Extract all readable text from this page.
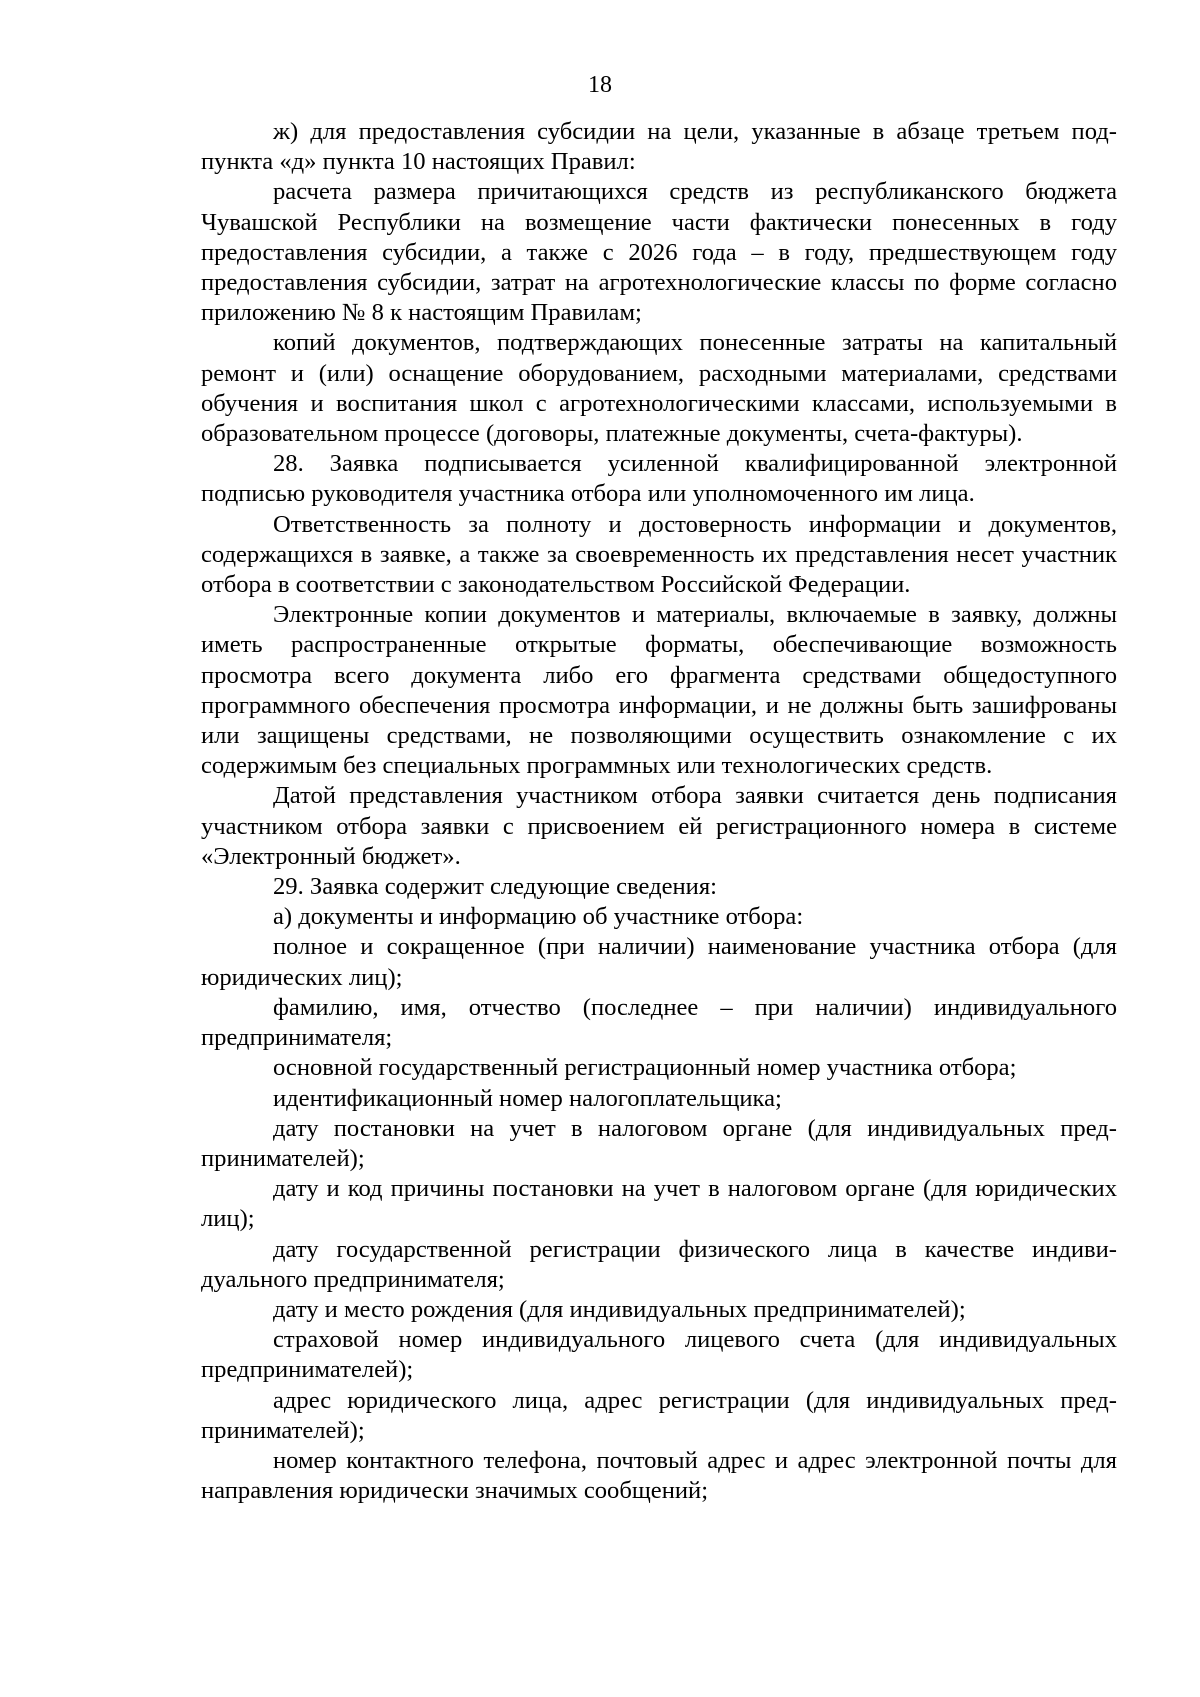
18

ж) для предоставления субсидии на цели, указанные в абзаце третьем подпункта «д» пункта 10 настоящих Правил:

расчета размера причитающихся средств из республиканского бюджета Чувашской Республики на возмещение части фактически понесенных в году предоставления субсидии, а также с 2026 года – в году, предшествующем году предоставления субсидии, затрат на агротехнологические классы по форме согласно приложению № 8 к настоящим Правилам;

копий документов, подтверждающих понесенные затраты на капитальный ремонт и (или) оснащение оборудованием, расходными материалами, средствами обучения и воспитания школ с агротехнологическими классами, используемыми в образовательном процессе (договоры, платежные документы, счета-фактуры).

28. Заявка подписывается усиленной квалифицированной электронной подписью руководителя участника отбора или уполномоченного им лица.

Ответственность за полноту и достоверность информации и документов, содержащихся в заявке, а также за своевременность их представления несет участник отбора в соответствии с законодательством Российской Федерации.

Электронные копии документов и материалы, включаемые в заявку, должны иметь распространенные открытые форматы, обеспечивающие возможность просмотра всего документа либо его фрагмента средствами общедоступного программного обеспечения просмотра информации, и не должны быть зашифрованы или защищены средствами, не позволяющими осуществить ознакомление с их содержимым без специальных программных или технологических средств.

Датой представления участником отбора заявки считается день подписания участником отбора заявки с присвоением ей регистрационного номера в системе «Электронный бюджет».

29. Заявка содержит следующие сведения:

а) документы и информацию об участнике отбора:

полное и сокращенное (при наличии) наименование участника отбора (для юридических лиц);

фамилию, имя, отчество (последнее – при наличии) индивидуального предпринимателя;

основной государственный регистрационный номер участника отбора;

идентификационный номер налогоплательщика;

дату постановки на учет в налоговом органе (для индивидуальных предпринимателей);

дату и код причины постановки на учет в налоговом органе (для юридических лиц);

дату государственной регистрации физического лица в качестве индивидуального предпринимателя;

дату и место рождения (для индивидуальных предпринимателей);

страховой номер индивидуального лицевого счета (для индивидуальных предпринимателей);

адрес юридического лица, адрес регистрации (для индивидуальных предпринимателей);

номер контактного телефона, почтовый адрес и адрес электронной почты для направления юридически значимых сообщений;
